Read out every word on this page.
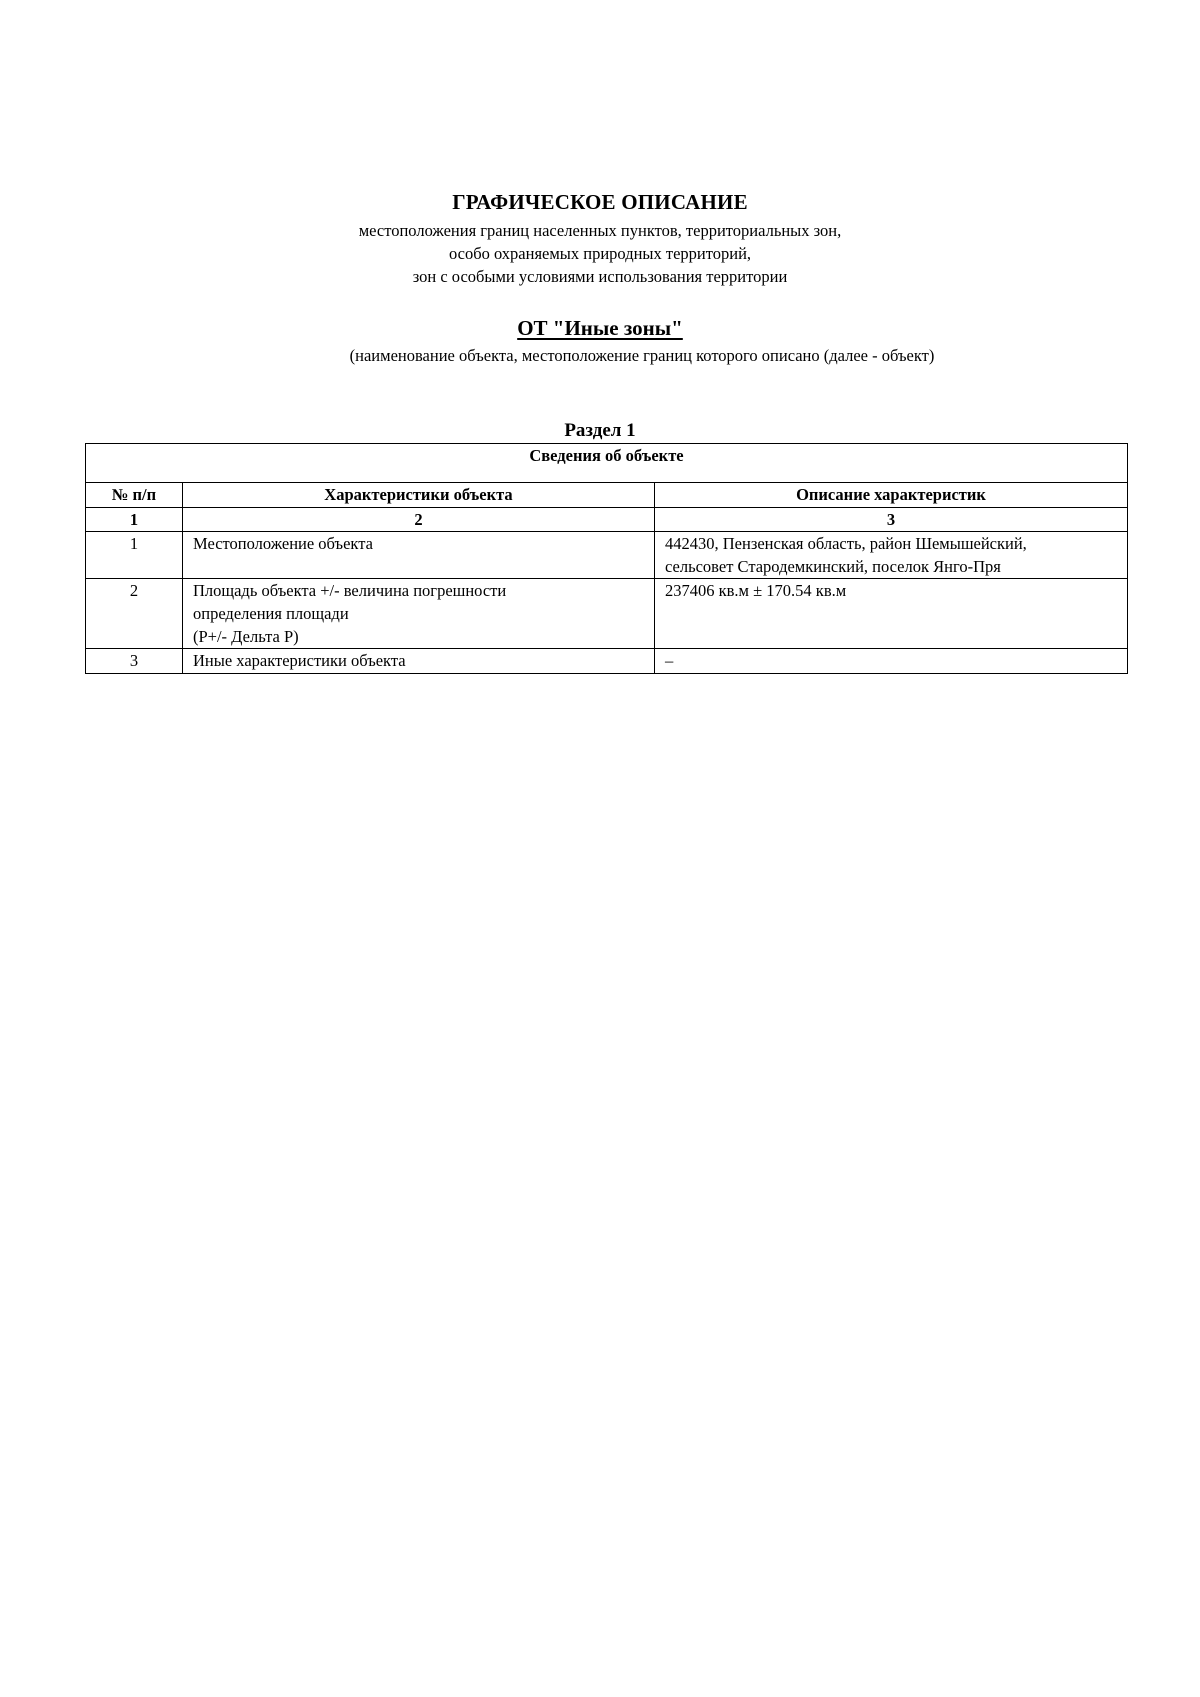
ГРАФИЧЕСКОЕ ОПИСАНИЕ
местоположения границ населенных пунктов, территориальных зон,
особо охраняемых природных территорий,
зон с особыми условиями использования территории
ОТ "Иные зоны"
(наименование объекта, местоположение границ которого описано (далее - объект)
Раздел 1
Сведения об объекте		
№ п/п	Характеристики объекта	Описание характеристик
1	2	3
1	Местоположение объекта	442430, Пензенская область, район Шемышейский,
сельсовет Стародемкинский, поселок Янго-Пря

2	Площадь объекта +/- величина погрешности
определения площади
(P+/- Дельта P)	237406 кв.м ± 170.54 кв.м

3	Иные характеристики объекта	–
